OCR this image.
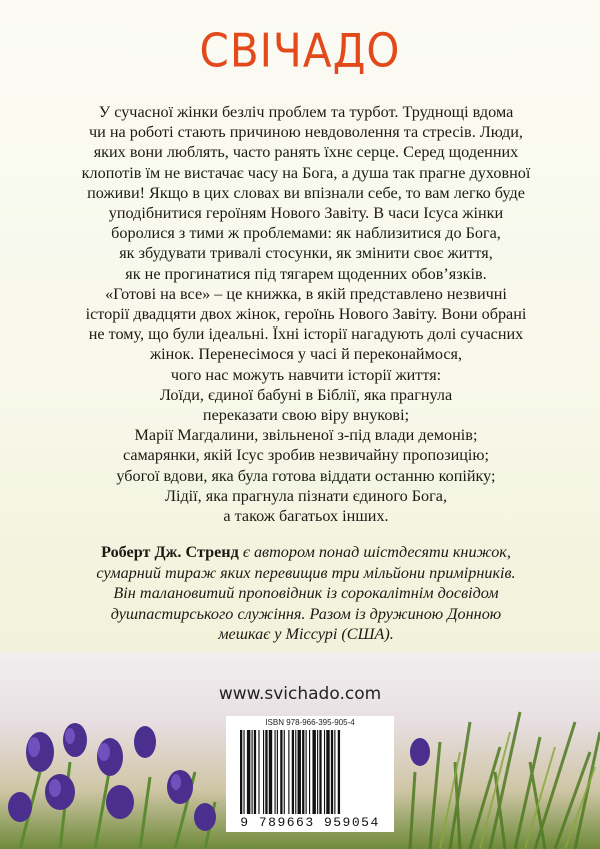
СВІЧАДО
У сучасної жінки безліч проблем та турбот. Труднощі вдома
чи на роботі стають причиною невдоволення та стресів. Люди,
яких вони люблять, часто ранять їхнє серце. Серед щоденних
клопотів їм не вистачає часу на Бога, а душа так прагне духовної
поживи! Якщо в цих словах ви впізнали себе, то вам легко буде
уподібнитися героїням Нового Завіту. В часи Ісуса жінки
боролися з тими ж проблемами: як наблизитися до Бога,
як збудувати тривалі стосунки, як змінити своє життя,
як не прогинатися під тягарем щоденних обов’язків.
«Готові на все» – це книжка, в якій представлено незвичні
історії двадцяти двох жінок, героїнь Нового Завіту. Вони обрані
не тому, що були ідеальні. Їхні історії нагадують долі сучасних
жінок. Перенесімося у часі й переконаймося,
чого нас можуть навчити історії життя:
Лоїди, єдиної бабуні в Біблії, яка прагнула
переказати свою віру внукові;
Марії Магдалини, звільненої з-під влади демонів;
самарянки, якій Ісус зробив незвичайну пропозицію;
убогої вдови, яка була готова віддати останню копійку;
Лідії, яка прагнула пізнати єдиного Бога,
а також багатьох інших.
Роберт Дж. Стренд є автором понад шістдесяти книжок,
сумарний тираж яких перевищив три мільйони примірників.
Він талановитий проповідник із сорокалітнім досвідом
душпастирського служіння. Разом із дружиною Донною
мешкає у Міссурі (США).
www.svichado.com
ISBN 978-966-395-905-4
9 789663 959054
